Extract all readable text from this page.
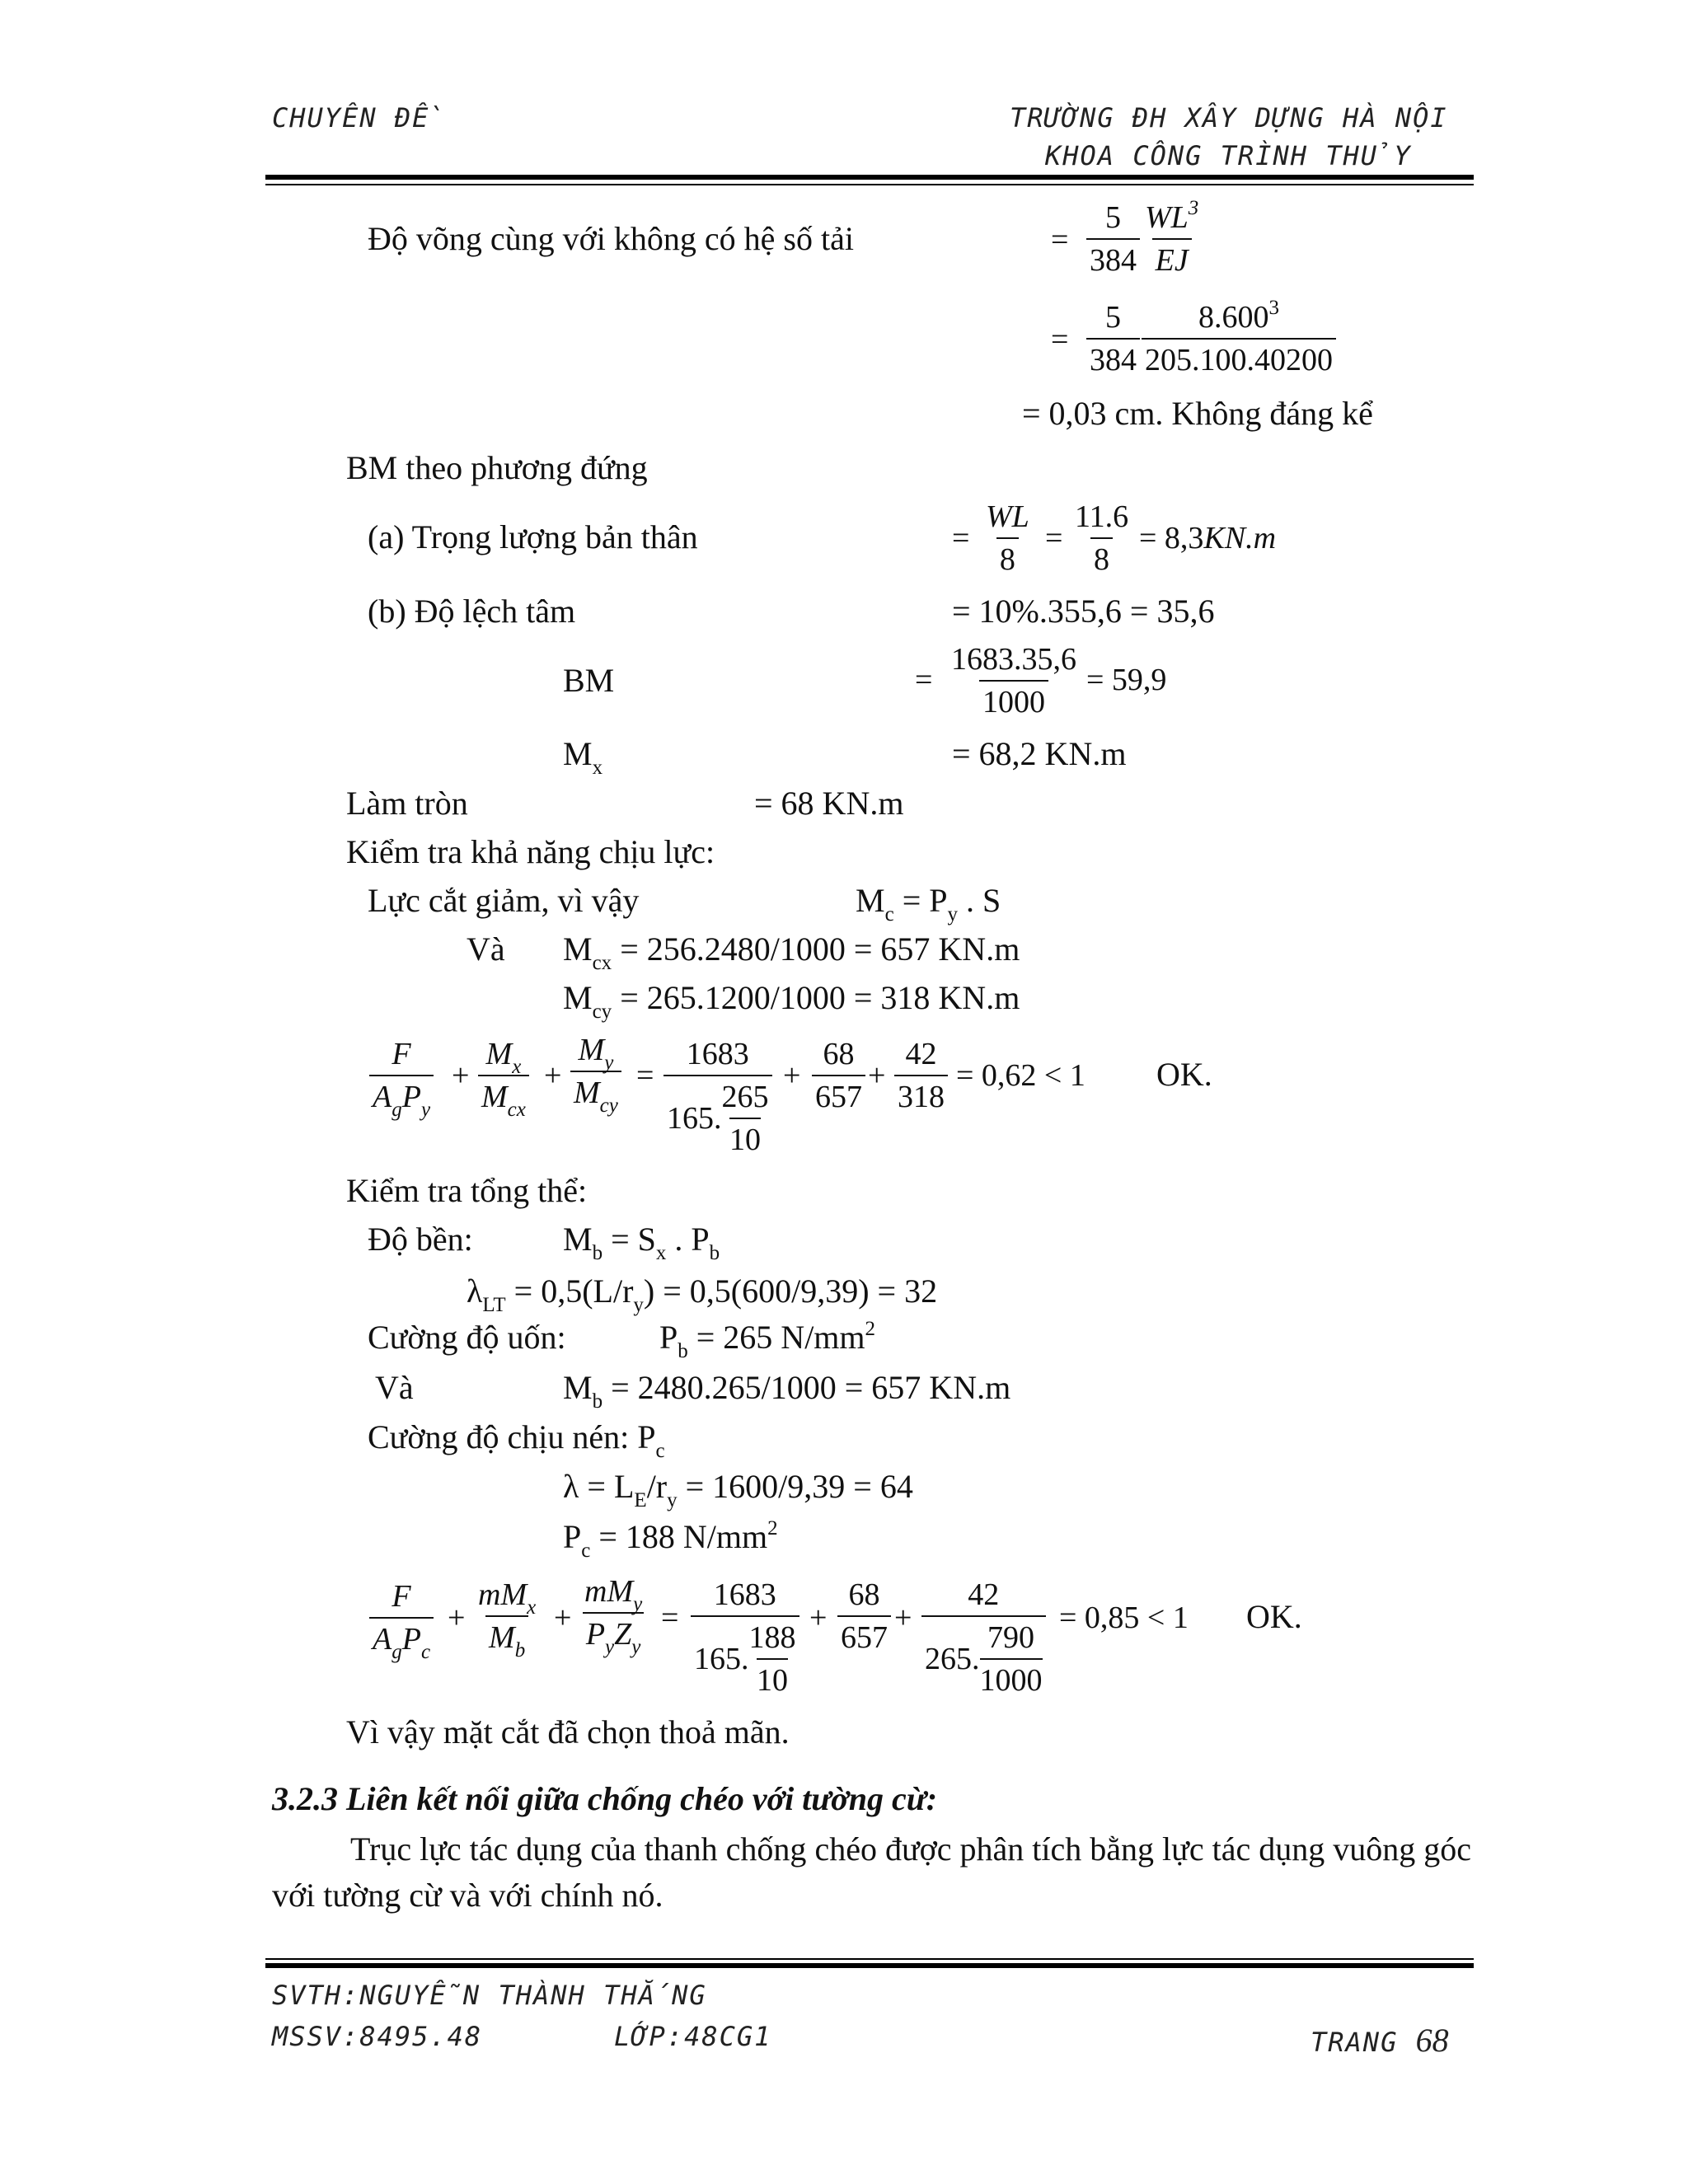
CHUYÊN ĐỀ	TRƯỜNG ĐH XÂY DỰNG HÀ NỘI
KHOA CÔNG TRÌNH THỦY
Độ võng cùng với không có hệ số tải	= $\frac{5}{384} \frac{WL^3}{EJ}$
= $\frac{5}{384} \frac{8.600^3}{205.100.40200}$
= 0,03 cm. Không đáng kể
BM theo phương đứng
(a) Trọng lượng bản thân	= $\frac{WL}{8} = \frac{11.6}{8} = 8,3KN.m$
(b) Độ lệch tâm	= 10%.355,6 = 35,6
BM	= $\frac{1683.35,6}{1000} = 59,9$
$M_x$	= 68,2 KN.m
Làm tròn	= 68 KN.m
Kiểm tra khả năng chịu lực:
Lực cắt giảm, vì vậy	$M_c = P_y$ . S
Và $M_{cx} = 256.2480/1000 = 657$ KN.m
$M_{cy} = 265.1200/1000 = 318$ KN.m
F
$A_gP_y$
+
$M_x$
$M_{cx}$
+
$M_y$
$M_{cy}$
= 1683
165.
265
$10 + \frac{68}{657} + \frac{42}{318} = 0,62 < 1$ OK.
Kiểm tra tổng thể:
Độ bền:	$M_b = S_x$ . $P_b$
$\lambda_{LT} = 0,5(L/r_y) = 0,5(600/9,39) = 32$
Cường độ uốn:	$P_b = 265$ $N/mm^2$
Và	$M_b = 2480.265/1000 = 657$ KN.m
Cường độ chịu nén: $P_c$
$\lambda = L_E/r_y = 1600/9,39 = 64$
$P_c = 188$ $N/mm^2$
F
$A_gP_c$
+
$mM_x$
$M_b$
+
$mM_y$
$P_yZ_y$
= 1683
165.
188
$10 + \frac{68}{657} + 42$
265.
790
1000 = 0,85 < 1 OK.
Vì vậy mặt cắt đã chọn thoả mãn.
3.2.3 Liên kết nối giữa chống chéo với tường cừ:
Trục lực tác dụng của thanh chống chéo được phân tích bằng lực tác dụng vuông góc với tường cừ và với chính nó.
SVTH:NGUYỄN THÀNH THẮNG
MSSV:8495.48	LỚP:48CG1	TRANG 68
